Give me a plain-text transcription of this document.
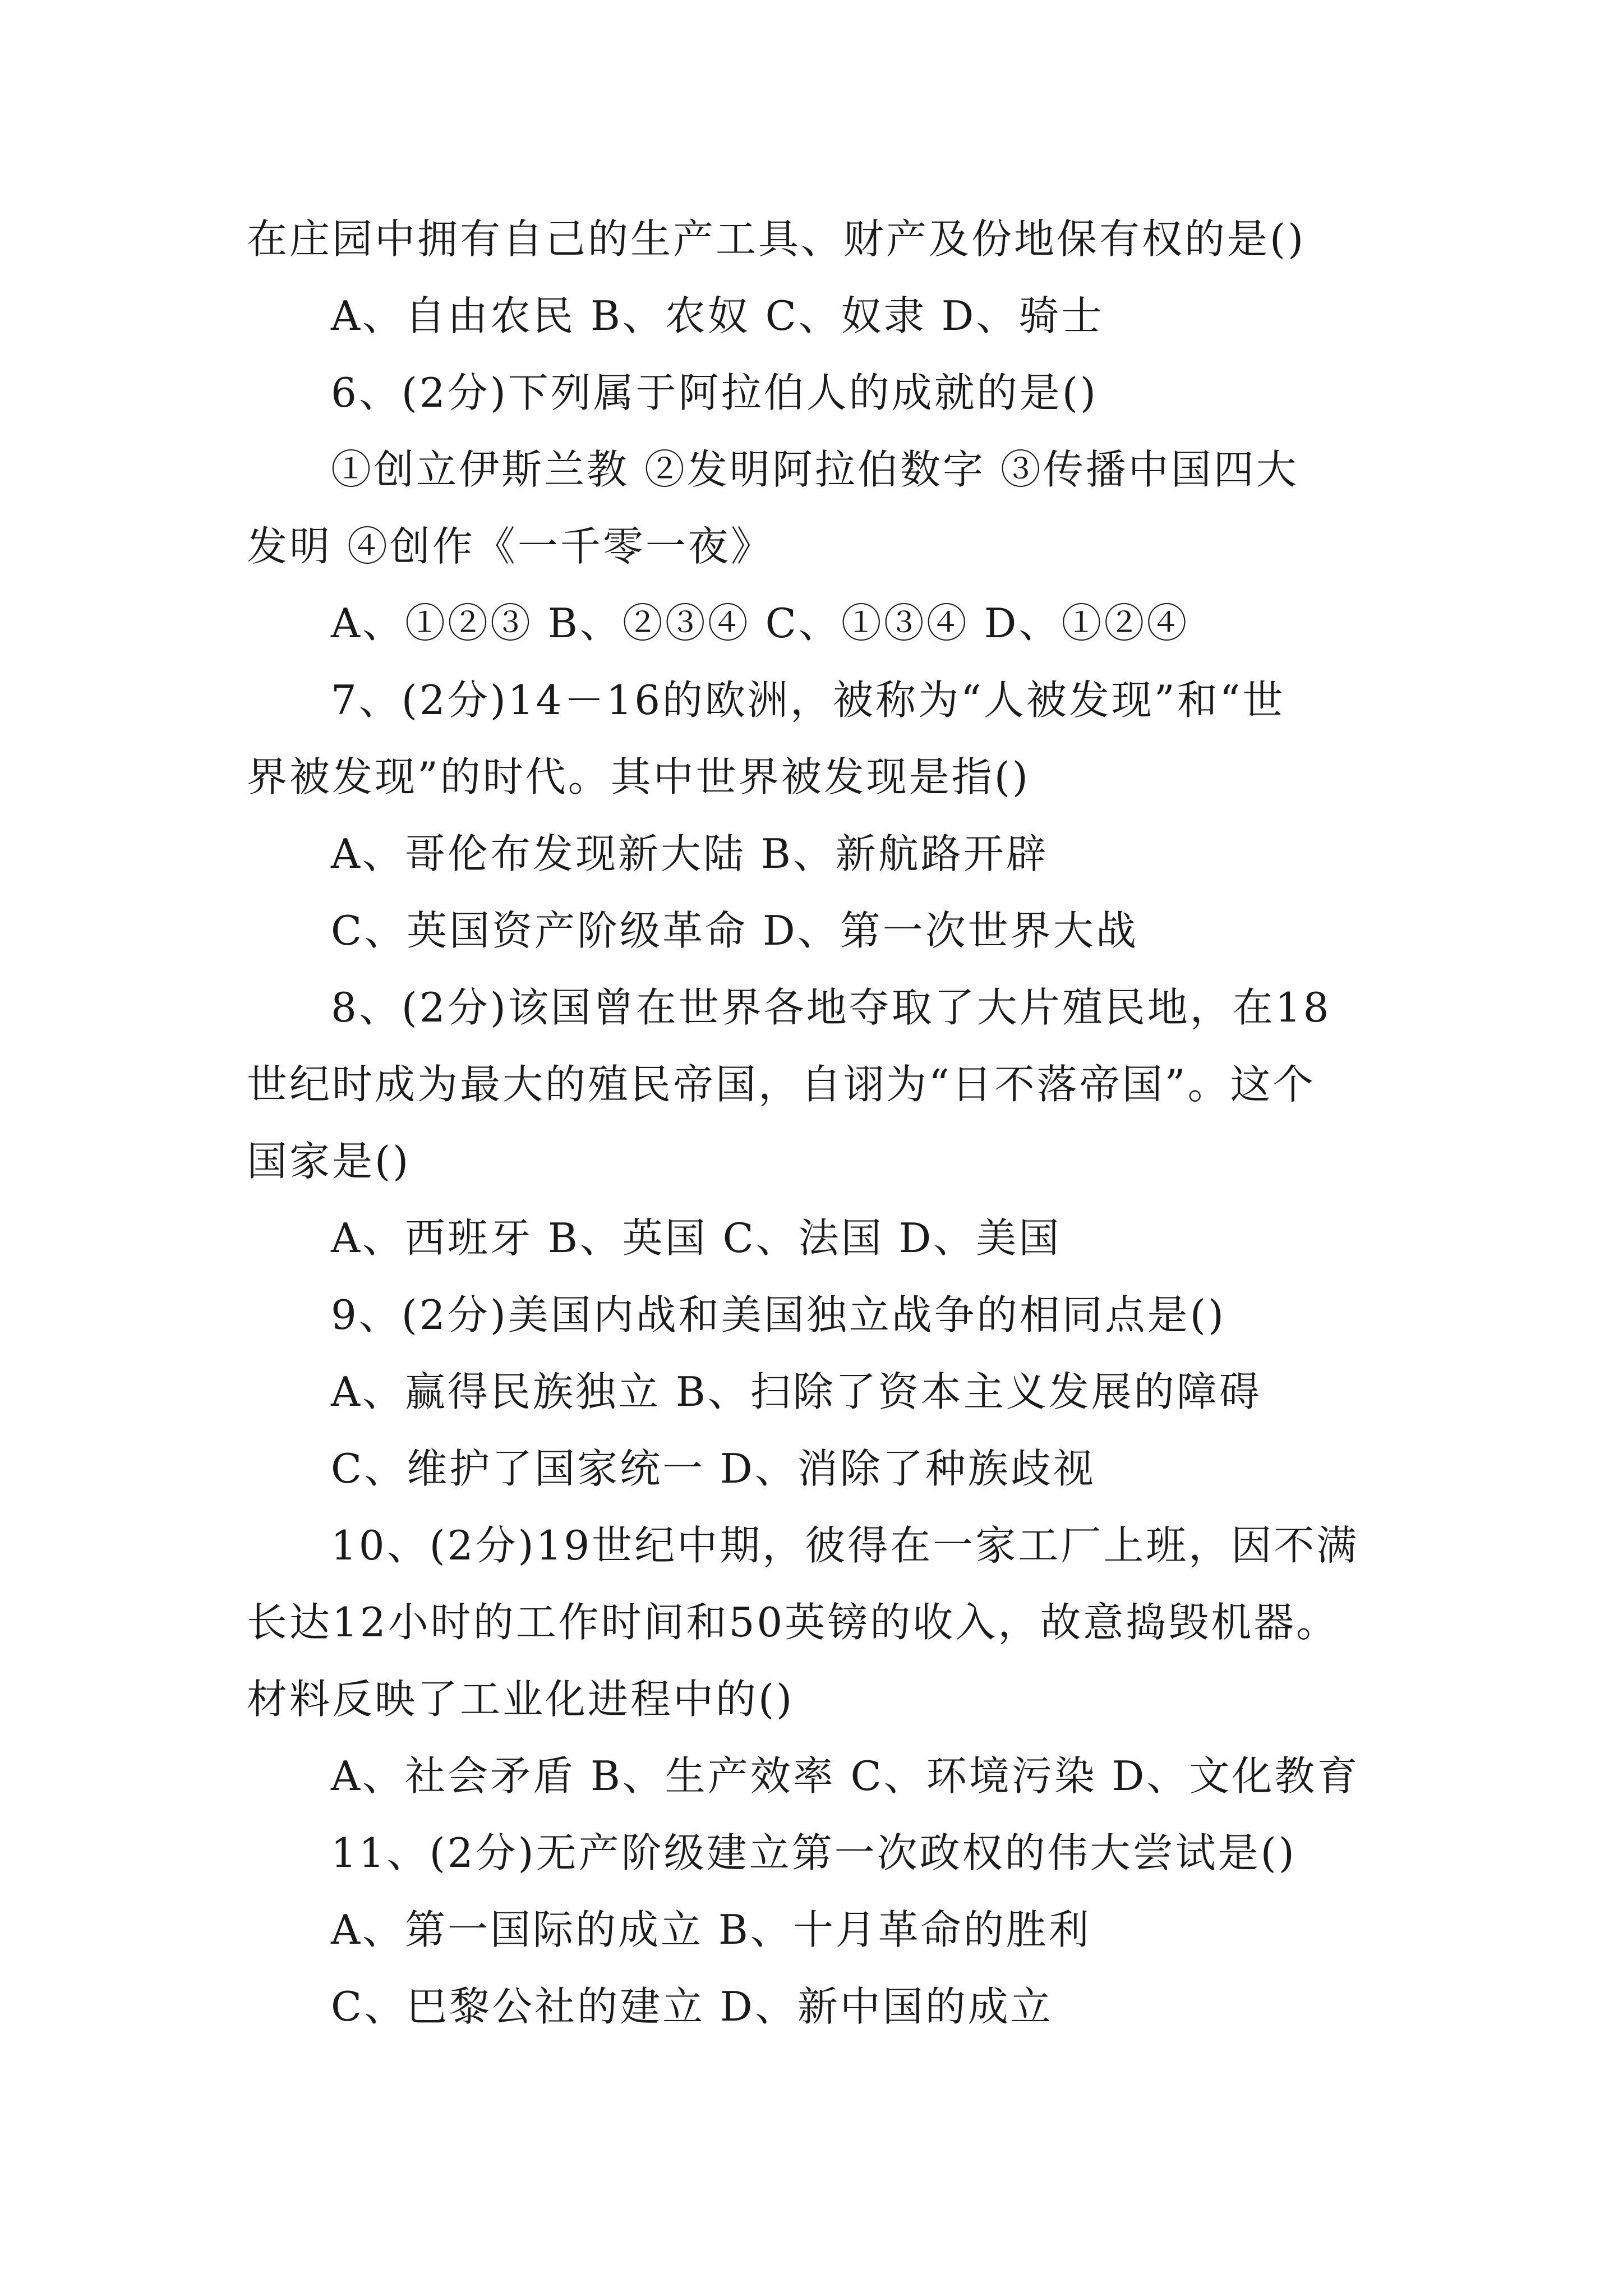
在庄园中拥有自己的生产工具、财产及份地保有权的是()
A、自由农民 B、农奴 C、奴隶 D、骑士
6、(2分)下列属于阿拉伯人的成就的是()
①创立伊斯兰教 ②发明阿拉伯数字 ③传播中国四大
发明 ④创作《一千零一夜》
A、①②③ B、②③④ C、①③④ D、①②④
7、(2分)14－16的欧洲，被称为“人被发现”和“世
界被发现”的时代。其中世界被发现是指()
A、哥伦布发现新大陆 B、新航路开辟
C、英国资产阶级革命 D、第一次世界大战
8、(2分)该国曾在世界各地夺取了大片殖民地，在18
世纪时成为最大的殖民帝国，自诩为“日不落帝国”。这个
国家是()
A、西班牙 B、英国 C、法国 D、美国
9、(2分)美国内战和美国独立战争的相同点是()
A、赢得民族独立 B、扫除了资本主义发展的障碍
C、维护了国家统一 D、消除了种族歧视
10、(2分)19世纪中期，彼得在一家工厂上班，因不满
长达12小时的工作时间和50英镑的收入，故意捣毁机器。
材料反映了工业化进程中的()
A、社会矛盾 B、生产效率 C、环境污染 D、文化教育
11、(2分)无产阶级建立第一次政权的伟大尝试是()
A、第一国际的成立 B、十月革命的胜利
C、巴黎公社的建立 D、新中国的成立
